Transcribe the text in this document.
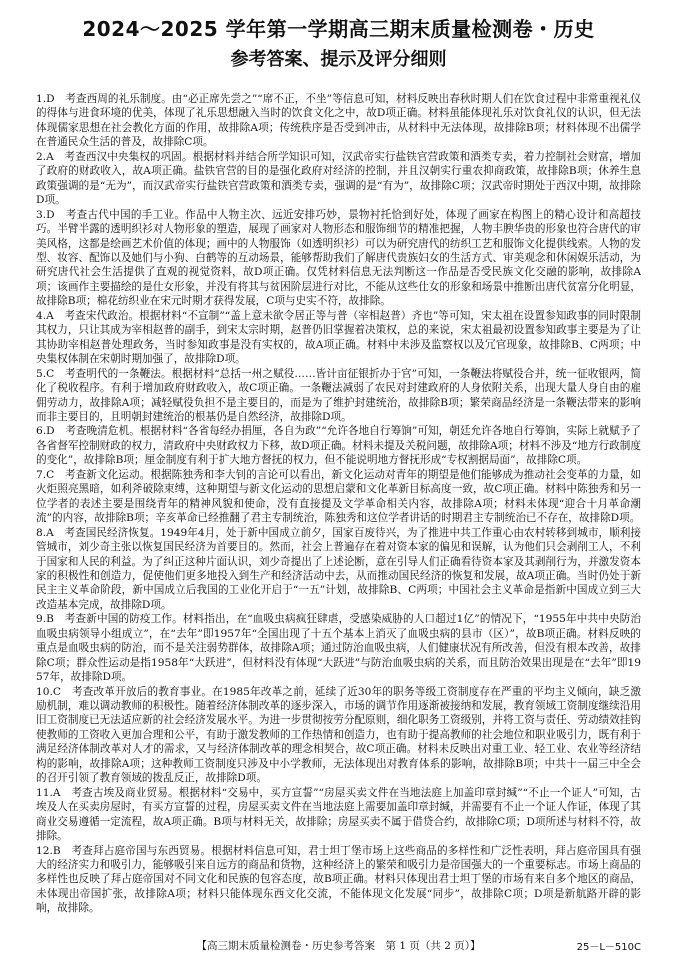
2024～2025 学年第一学期高三期末质量检测卷・历史
参考答案、提示及评分细则

1.D　 考查西周的礼乐制度。由“必正席先尝之”“席不正，不坐”等信息可知，材料反映出春秋时期人们在饮食过程中非常重视礼仪的得体与进食环境的优美，体现了礼乐思想融入当时的饮食文化之中，故D项正确。材料虽能体现礼乐对饮食礼仪的认识，但无法体现儒家思想在社会教化方面的作用，故排除A项；传统秩序是否受到冲击，从材料中无法体现，故排除B项；材料体现不出儒学在普通民众生活的普及，故排除C项。

2.A　 考查西汉中央集权的巩固。根据材料并结合所学知识可知，汉武帝实行盐铁官营政策和酒类专卖，着力控制社会财富，增加了政府的财政收入，故A项正确。盐铁官营的目的是强化政府对经济的控制，并且汉朝实行重农抑商政策，故排除B项；休养生息政策强调的是“无为”，而汉武帝实行盐铁官营政策和酒类专卖，强调的是“有为”，故排除C项；汉武帝时期处于西汉中期，故排除D项。

3.D　 考查古代中国的手工业。作品中人物主次、远近安排巧妙，景物衬托恰到好处，体现了画家在构图上的精心设计和高超技巧。半臂半露的透明织衫对人物形象的塑造，展现了画家对人物形态和服饰细节的精准把握，人物丰腴华贵的形象也符合唐代的审美风格，这都是绘画艺术价值的体现；画中的人物服饰（如透明织衫）可以为研究唐代的纺织工艺和服饰文化提供线索。人物的发型、妆容、配饰以及她们与小狗、白鹤等的互动场景，能够帮助我们了解唐代贵族妇女的生活方式、审美观念和休闲娱乐活动，为研究唐代社会生活提供了直观的视觉资料，故D项正确。仅凭材料信息无法判断这一作品是否受民族文化交融的影响，故排除A项；该画作主要描绘的是仕女形象，并没有将其与贫困阶层进行对比，不能从这些仕女的形象和场景中推断出唐代贫富分化明显，故排除B项；棉花纺织业在宋元时期才获得发展，C项与史实不符，故排除。

4.A　 考查宋代政治。根据材料“不宣制”“盖上意未欲令居正等与普（宰相赵普）齐也”等可知，宋太祖在设置参知政事的同时限制其权力，只让其成为宰相赵普的副手，到宋太宗时期，赵普仍旧掌握着决策权，总的来说，宋太祖最初设置参知政事主要是为了让其协助宰相赵普处理政务，当时参知政事是没有实权的，故A项正确。材料中未涉及监察权以及冗官现象，故排除B、C两项；中央集权体制在宋朝时期加强了，故排除D项。

5.C　 考查明代的一条鞭法。根据材料“总括一州之赋役……皆计亩征银折办于官”可知，一条鞭法将赋役合并，统一征收银两，简化了税收程序。有利于增加政府财政收入，故C项正确。一条鞭法减弱了农民对封建政府的人身依附关系，出现大量人身自由的雇佣劳动力，故排除A项；减轻赋役负担不是主要目的，而是为了维护封建统治，故排除B项；繁荣商品经济是一条鞭法带来的影响而非主要目的，且明朝封建统治的根基仍是自然经济，故排除D项。

6.D　 考查晚清危机。根据材料“各省每经办捐厘，各自为政”“允许各地自行筹饷”可知，朝廷允许各地自行筹饷，实际上就赋予了各省督军控制财政的权力，清政府中央财政权力下移，故D项正确。材料未提及关税问题，故排除A项；材料不涉及“地方行政制度的变化”，故排除B项；厘金制度有利于扩大地方督抚的权力，但不能说明地方督抚形成“专权割据局面”，故排除C项。

7.C　 考查新文化运动。根据陈独秀和李大钊的言论可以看出，新文化运动对青年的期望是他们能够成为推动社会变革的力量，如火炬照亮黑暗，如利斧破除束缚，这种期望与新文化运动的思想启蒙和文化革新目标高度一致，故C项正确。材料中陈独秀和另一位学者的表述主要是围绕青年的精神风貌和使命，没有直接提及文学革命相关内容，故排除A项；材料未体现“迎合十月革命潮流”的内容，故排除B项；辛亥革命已经推翻了君主专制统治，陈独秀和这位学者讲话的时期君主专制统治已不存在，故排除D项。

8.A　 考查国民经济恢复。1949年4月，处于新中国成立前夕，国家百废待兴，为了推进中共工作重心由农村转移到城市，顺利接管城市，刘少奇主张以恢复国民经济为首要目的。然而，社会上普遍存在着对资本家的偏见和误解，认为他们只会剥削工人，不利于国家和人民的利益。为了纠正这种片面认识，刘少奇提出了上述论断，意在引导人们正确看待资本家及其剥削行为，并激发资本家的积极性和创造力，促使他们更多地投入到生产和经济活动中去，从而推动国民经济的恢复和发展，故A项正确。当时仍处于新民主主义革命阶段，新中国成立后我国的工业化开启于“一五”计划，故排除B、C两项；中国社会主义革命是指新中国成立到三大改造基本完成，故排除D项。

9.B　 考查新中国的防疫工作。材料指出，在“血吸虫病疯狂肆虐，受感染威胁的人口超过1亿”的情况下，“1955年中共中央防治血吸虫病领导小组成立”，在“去年”即1957年“全国出现了十五个基本上消灭了血吸虫病的县市（区）”，故B项正确。材料反映的重点是血吸虫病的防治，而不是关注弱势群体，故排除A项；通过防治血吸虫病，人们健康状况有所改善，但没有根本改善，故排除C项；群众性运动是指1958年“大跃进”，但材料没有体现“大跃进”与防治血吸虫病的关系，而且防治效果出现是在“去年”即1957年，故排除D项。

10.C　 考查改革开放后的教育事业。在1985年改革之前，延续了近30年的职务等级工资制度存在严重的平均主义倾向，缺乏激励机制，难以调动教师的积极性。随着经济体制改革的逐步深入，市场的调节作用逐渐被接纳和发展，教育领域工资制度继续沿用旧工资制度已无法适应新的社会经济发展水平。为进一步贯彻按劳分配原则，细化职务工资级别，并将工资与责任、劳动绩效挂钩使教师的工资收入更加合理和公平，有助于激发教师的工作热情和创造力，也有助于提高教师的社会地位和职业吸引力，既有利于满足经济体制改革对人才的需求，又与经济体制改革的理念相契合，故C项正确。材料未反映出对重工业、轻工业、农业等经济结构的影响，故排除A项；这种教师工资制度只涉及中小学教师，无法体现出对教育体系的影响，故排除B项；中共十一届三中全会的召开引领了教育领域的拨乱反正，故排除D项。

11.A　 考查古埃及商业贸易。根据材料“交易中，买方宣誓”“房屋买卖文件在当地法庭上加盖印章封缄”“不止一个证人”可知，古埃及人在买卖房屋时，有买方宣誓的过程，房屋买卖文件在当地法庭上需要加盖印章封缄，并需要有不止一个证人作证，体现了其商业交易遵循一定流程，故A项正确。B项与材料无关，故排除；房屋买卖不属于借贷合约，故排除C项；D项所述与材料不符，故排除。

12.B　 考查拜占庭帝国与东西贸易。根据材料信息可知，君士坦丁堡市场上这些商品的多样性和广泛性表明，拜占庭帝国具有强大的经济实力和吸引力，能够吸引来自远方的商品和货物，这种经济上的繁荣和吸引力是帝国强大的一个重要标志。市场上商品的多样性也反映了拜占庭帝国对不同文化和民族的包容态度，故B项正确。材料只体现出君士坦丁堡的市场有来自多个地区的商品，未体现出帝国扩张，故排除A项；材料只能体现东西文化交流，不能体现文化发展“同步”，故排除C项；D项是新航路开辟的影响，故排除。

【高三期末质量检测卷・历史参考答案　第 1 页（共 2 页）】	25－L－510C
